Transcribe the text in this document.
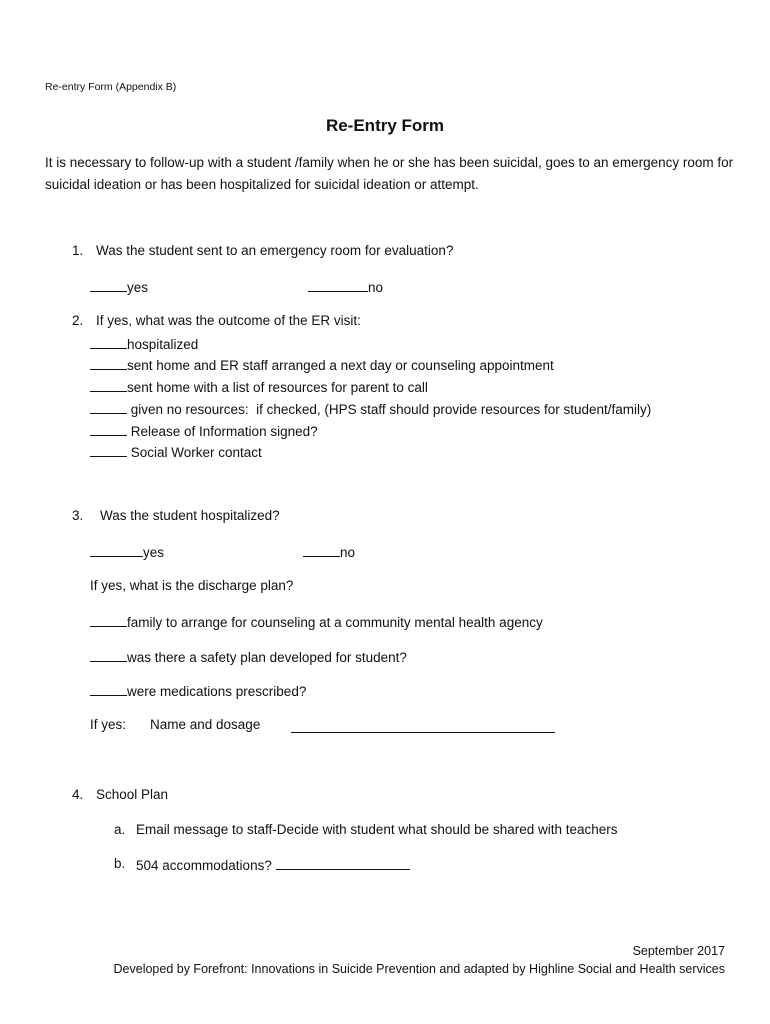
Re-entry Form (Appendix B)
Re-Entry Form
It is necessary to follow-up with a student /family when he or she has been suicidal, goes to an emergency room for suicidal ideation or has been hospitalized for suicidal ideation or attempt.
1. Was the student sent to an emergency room for evaluation?
yes	no
2. If yes, what was the outcome of the ER visit:
hospitalized
sent home and ER staff arranged a next day or counseling appointment
sent home with a list of resources for parent to call
given no resources:  if checked, (HPS staff should provide resources for student/family)
Release of Information signed?
Social Worker contact
3. Was the student hospitalized?
yes	no
If yes, what is the discharge plan?
family to arrange for counseling at a community mental health agency
was there a safety plan developed for student?
were medications prescribed?
If yes: Name and dosage
4. School Plan
a. Email message to staff-Decide with student what should be shared with teachers
b. 504 accommodations?
September 2017
Developed by Forefront: Innovations in Suicide Prevention and adapted by Highline Social and Health services
